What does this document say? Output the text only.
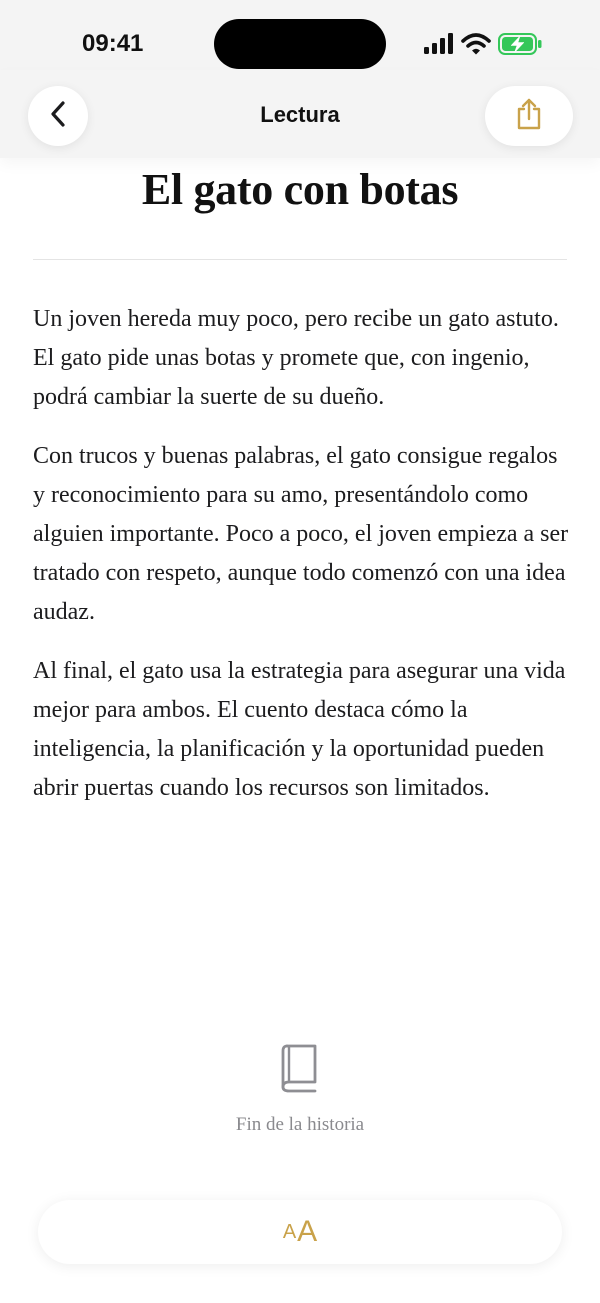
09:41
Lectura
El gato con botas

Un joven hereda muy poco, pero recibe un gato astuto. El gato pide unas botas y promete que, con ingenio, podrá cambiar la suerte de su dueño.

Con trucos y buenas palabras, el gato consigue regalos y reconocimiento para su amo, presentándolo como alguien importante. Poco a poco, el joven empieza a ser tratado con respeto, aunque todo comenzó con una idea audaz.

Al final, el gato usa la estrategia para asegurar una vida mejor para ambos. El cuento destaca cómo la inteligencia, la planificación y la oportunidad pueden abrir puertas cuando los recursos son limitados.

Fin de la historia
A A
